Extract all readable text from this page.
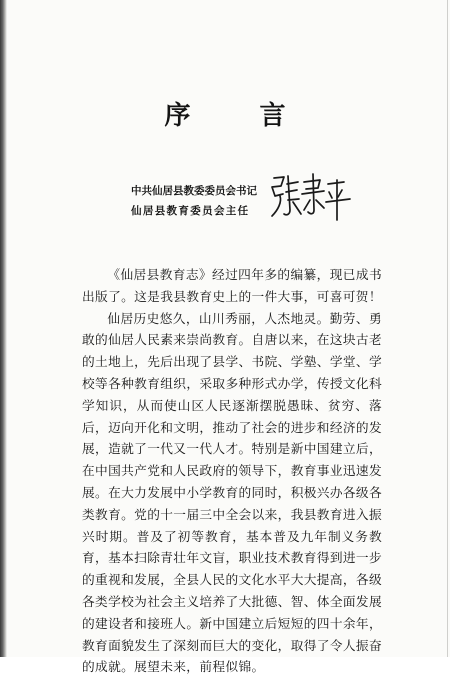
序 言
中共仙居县教委委员会书记
仙居县教育委员会主任

《仙居县教育志》经过四年多的编纂，现已成书出版了。这是我县教育史上的一件大事，可喜可贺！

仙居历史悠久，山川秀丽，人杰地灵。勤劳、勇敢的仙居人民素来崇尚教育。自唐以来，在这块古老的土地上，先后出现了县学、书院、学塾、学堂、学校等各种教育组织，采取多种形式办学，传授文化科学知识，从而使山区人民逐渐摆脱愚昧、贫穷、落后，迈向开化和文明，推动了社会的进步和经济的发展，造就了一代又一代人才。特别是新中国建立后，在中国共产党和人民政府的领导下，教育事业迅速发展。在大力发展中小学教育的同时，积极兴办各级各类教育。党的十一届三中全会以来，我县教育进入振兴时期。普及了初等教育，基本普及九年制义务教育，基本扫除青壮年文盲，职业技术教育得到进一步的重视和发展，全县人民的文化水平大大提高，各级各类学校为社会主义培养了大批德、智、体全面发展的建设者和接班人。新中国建立后短短的四十余年，教育面貌发生了深刻而巨大的变化，取得了令人振奋的成就。展望未来，前程似锦。
